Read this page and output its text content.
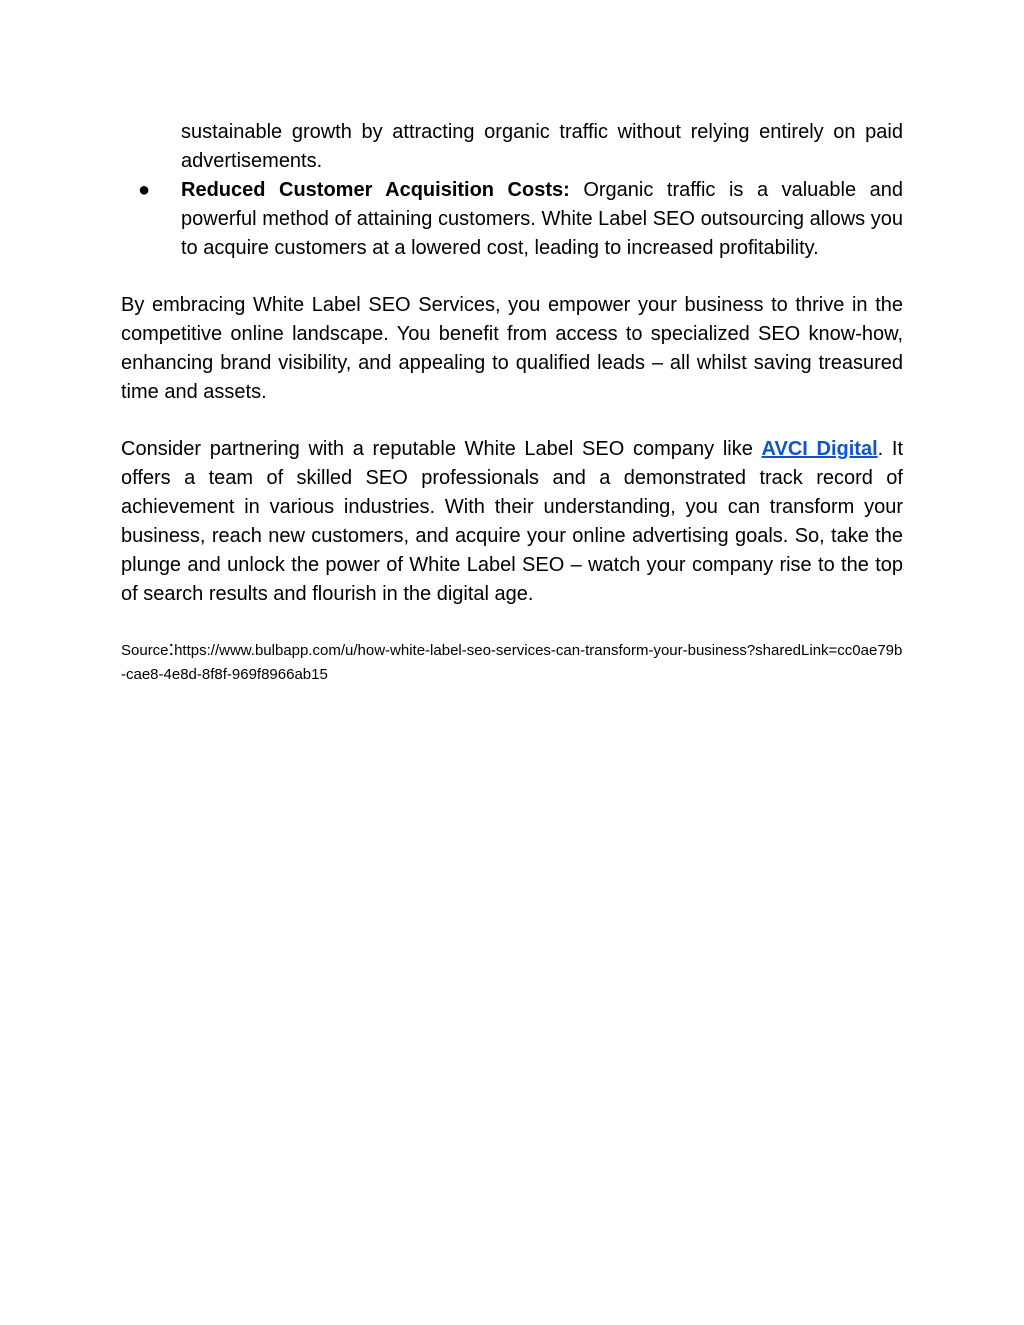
sustainable growth by attracting organic traffic without relying entirely on paid advertisements.

● Reduced Customer Acquisition Costs: Organic traffic is a valuable and powerful method of attaining customers. White Label SEO outsourcing allows you to acquire customers at a lowered cost, leading to increased profitability.

By embracing White Label SEO Services, you empower your business to thrive in the competitive online landscape. You benefit from access to specialized SEO know-how, enhancing brand visibility, and appealing to qualified leads – all whilst saving treasured time and assets.

Consider partnering with a reputable White Label SEO company like AVCI Digital. It offers a team of skilled SEO professionals and a demonstrated track record of achievement in various industries. With their understanding, you can transform your business, reach new customers, and acquire your online advertising goals. So, take the plunge and unlock the power of White Label SEO – watch your company rise to the top of search results and flourish in the digital age.

Source:https://www.bulbapp.com/u/how-white-label-seo-services-can-transform-your-business?sharedLink=cc0ae79b-cae8-4e8d-8f8f-969f8966ab15
